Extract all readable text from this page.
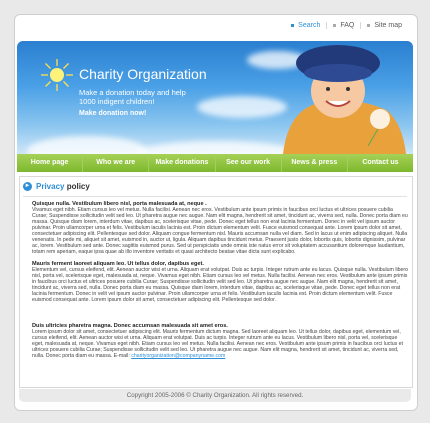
Search	FAQ	Site map
Charity Organization
Make a donation today and help
1000 indigent children!
Make donation now!
Home page	Who we are	Make donations	See our work	News & press	Contact us
► Privacy policy
Quisque nulla. Vestibulum libero nisl, porta malesuada at, neque .
Vivamus eget nibh. Etiam cursus leo vel metus. Nulla facilisi. Aenean nec eros. Vestibulum ante ipsum primis in faucibus orci luctus et ultrices posuere cubilia Curae; Suspendisse sollicitudin velit sed leo. Ut pharetra augue nec augue. Nam elit magna, hendrerit sit amet, tincidunt ac, viverra sed, nulla. Donec porta diam eu massa. Quisque diam lorem, interdum vitae, dapibus ac, scelerisque vitae, pede. Donec eget tellus non erat lacinia fermentum. Donec in velit vel ipsum auctor pulvinar. Proin ullamcorper urna et felis. Vestibulum iaculis lacinia est. Proin dictum elementum velit. Fusce euismod consequat ante. Lorem ipsum dolor sit amet, consectetuer adipiscing elit. Pellentesque sed dolor. Aliquam congue fermentum nisl. Mauris accumsan nulla vel diam. Sed in lacus ut enim adipiscing aliquet. Nulla venenatis. In pede mi, aliquet sit amet, euismod in, auctor ut, ligula. Aliquam dapibus tincidunt metus. Praesent justo dolor, lobortis quis, lobortis dignissim, pulvinar ac, lorem. Vestibulum sed ante. Donec sagittis euismod purus. Sed ut perspiciatis unde omnis iste natus error sit voluptatem accusantium doloremque laudantium, totam rem aperiam, eaque ipsa quae ab illo inventore veritatis et quasi architecto beatae vitae dicta sunt explicabo.
Mauris ferment laoreet aliquam leo. Ut tellus dolor, dapibus eget.
Elementum vel, cursus eleifend, elit. Aenean auctor wisi et urna. Aliquam erat volutpat. Duis ac turpis. Integer rutrum ante eu lacus. Quisque nulla. Vestibulum libero nisl, porta vel, scelerisque eget, malesuada at, neque. Vivamus eget nibh. Etiam cursus leo vel metus. Nulla facilisi. Aenean nec eros. Vestibulum ante ipsum primis in faucibus orci luctus et ultrices posuere cubilia Curae; Suspendisse sollicitudin velit sed leo. Ut pharetra augue nec augue. Nam elit magna, hendrerit sit amet, tincidunt ac, viverra sed, nulla. Donec porta diam eu massa. Quisque diam lorem, interdum vitae, dapibus ac, scelerisque vitae, pede. Donec eget tellus non erat lacinia fermentum. Donec in velit vel ipsum auctor pulvinar. Proin ullamcorper urna et felis. Vestibulum iaculis lacinia est. Proin dictum elementum velit. Fusce euismod consequat ante. Lorem ipsum dolor sit amet, consectetuer adipiscing elit. Pellentesque sed dolor.
Duis ultricies pharetra magna. Donec accumsan malesuada sit amet eros.
Lorem ipsum dolor sit amet, consectetuer adipiscing elit. Mauris fermentum dictum magna. Sed laoreet aliquam leo. Ut tellus dolor, dapibus eget, elementum vel, cursus eleifend, elit. Aenean auctor wisi et urna. Aliquam erat volutpat. Duis ac turpis. Integer rutrum ante eu lacus. Vestibulum libero nisl, porta vel, scelerisque eget, malesuada at, neque. Vivamus eget nibh. Etiam cursus leo vel metus. Nulla facilisi. Aenean nec eros. Vestibulum ante ipsum primis in faucibus orci luctus et ultrices posuere cubilia Curae; Suspendisse sollicitudin velit sed leo. Ut pharetra augue nec augue. Nam elit magna, hendrerit sit amet, tincidunt ac, viverra sed, nulla. Donec porta diam eu massa. E-mail: charityorganization@companyname.com
Copyright 2005-2006 © Charity Organization. All rights reserved.
